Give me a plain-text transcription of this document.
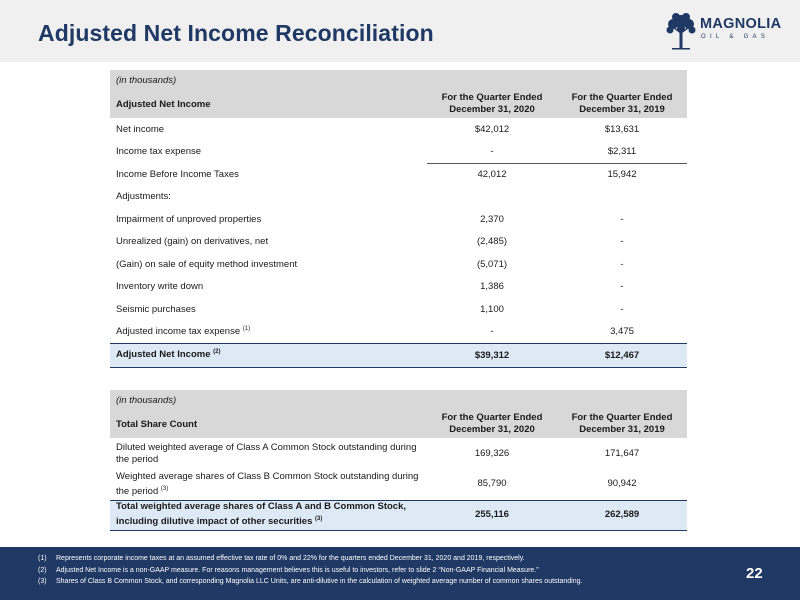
Adjusted Net Income Reconciliation	MAGNOLIA
OIL & GAS
(in thousands)		
Adjusted Net Income	For the Quarter Ended December 31, 2020	For the Quarter Ended December 31, 2019
Net income	$42,012	$13,631
Income tax expense	-	$2,311
Income Before Income Taxes	42,012	15,942
Adjustments:		
Impairment of unproved properties	2,370	-
Unrealized (gain) on derivatives, net	(2,485)	-
(Gain) on sale of equity method investment	(5,071)	-
Inventory write down	1,386	-
Seismic purchases	1,100	-
Adjusted income tax expense $^{(1)}$	-	3,475
Adjusted Net Income $^{(2)}$	$39,312	$12,467
(in thousands)		
Total Share Count	For the Quarter Ended December 31, 2020	For the Quarter Ended December 31, 2019
Diluted weighted average of Class A Common Stock outstanding during the period	169,326	171,647
Weighted average shares of Class B Common Stock outstanding during the period $^{(3)}$	85,790	90,942
Total weighted average shares of Class A and B Common Stock, including dilutive impact of other securities $^{(3)}$	255,116	262,589
(1) Represents corporate income taxes at an assumed effective tax rate of 0% and 22% for the quarters ended December 31, 2020 and 2019, respectively.
(2) Adjusted Net Income is a non-GAAP measure. For reasons management believes this is useful to investors, refer to slide 2 “Non-GAAP Financial Measure.”
(3) Shares of Class B Common Stock, and corresponding Magnolia LLC Units, are anti-dilutive in the calculation of weighted average number of common shares outstanding.	22
